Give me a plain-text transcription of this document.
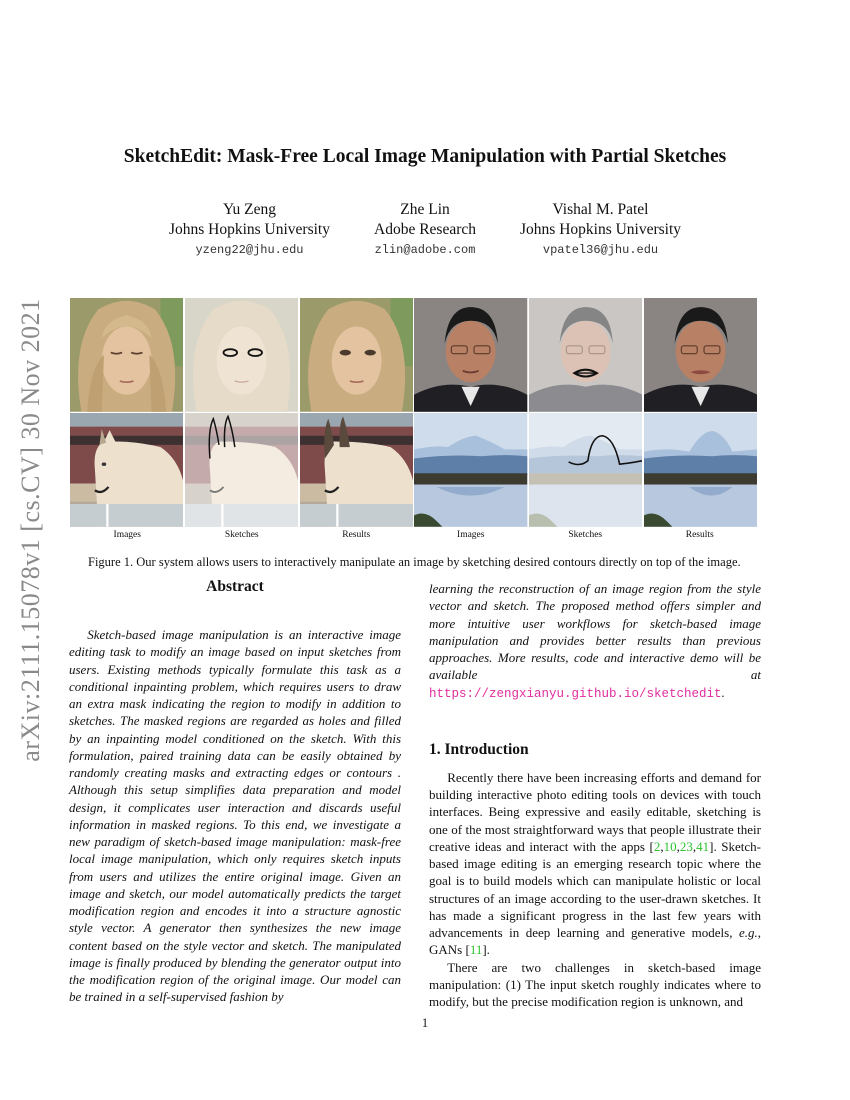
arXiv:2111.15078v1 [cs.CV] 30 Nov 2021
SketchEdit: Mask-Free Local Image Manipulation with Partial Sketches
Yu Zeng
Johns Hopkins University
yzeng22@jhu.edu
Zhe Lin
Adobe Research
zlin@adobe.com
Vishal M. Patel
Johns Hopkins University
vpatel36@jhu.edu
Images	Sketches	Results	Images	Sketches	Results
Figure 1. Our system allows users to interactively manipulate an image by sketching desired contours directly on top of the image.
Abstract

Sketch-based image manipulation is an interactive image editing task to modify an image based on input sketches from users. Existing methods typically formulate this task as a conditional inpainting problem, which requires users to draw an extra mask indicating the region to modify in addition to sketches. The masked regions are regarded as holes and filled by an inpainting model conditioned on the sketch. With this formulation, paired training data can be easily obtained by randomly creating masks and extracting edges or contours . Although this setup simplifies data preparation and model design, it complicates user interaction and discards useful information in masked regions. To this end, we investigate a new paradigm of sketch-based image manipulation: mask-free local image manipulation, which only requires sketch inputs from users and utilizes the entire original image. Given an image and sketch, our model automatically predicts the target modification region and encodes it into a structure agnostic style vector. A generator then synthesizes the new image content based on the style vector and sketch. The manipulated image is finally produced by blending the generator output into the modification region of the original image. Our model can be trained in a self-supervised fashion by

learning the reconstruction of an image region from the style vector and sketch. The proposed method offers simpler and more intuitive user workflows for sketch-based image manipulation and provides better results than previous approaches. More results, code and interactive demo will be available at https://zengxianyu.github.io/sketchedit.

1. Introduction

Recently there have been increasing efforts and demand for building interactive photo editing tools on devices with touch interfaces. Being expressive and easily editable, sketching is one of the most straightforward ways that people illustrate their creative ideas and interact with the apps [2,10,23,41]. Sketch-based image editing is an emerging research topic where the goal is to build models which can manipulate holistic or local structures of an image according to the user-drawn sketches. It has made a significant progress in the last few years with advancements in deep learning and generative models, e.g., GANs [11].

There are two challenges in sketch-based image manipulation: (1) The input sketch roughly indicates where to modify, but the precise modification region is unknown, and

1
